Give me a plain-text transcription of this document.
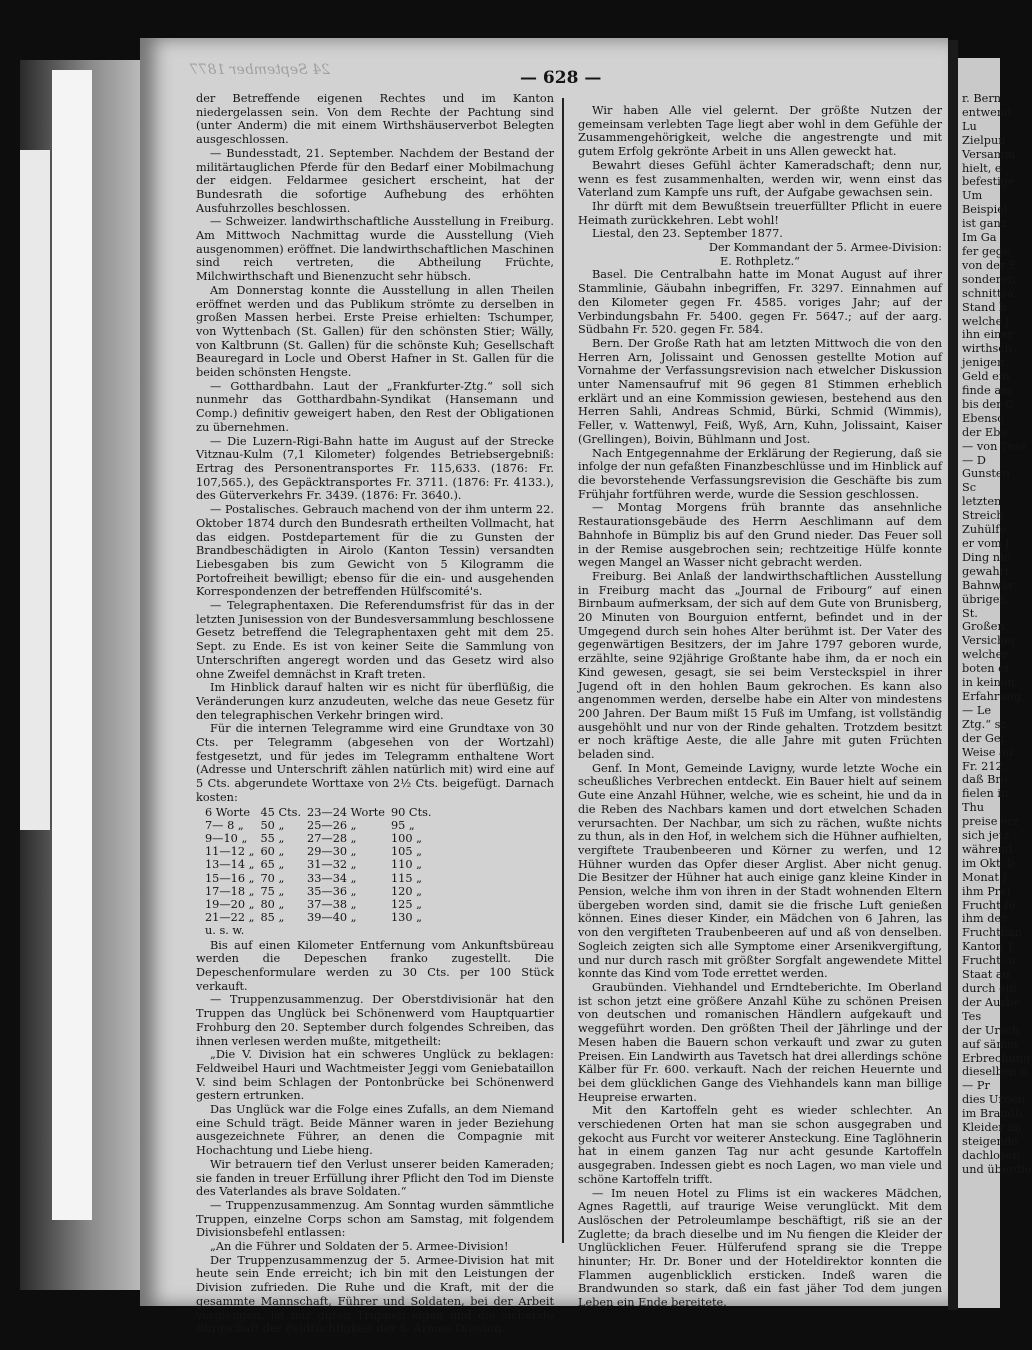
24 September 1877	— 628 —

der Betreffende eigenen Rechtes und im Kanton niedergelassen sein. Von dem Rechte der Pachtung sind (unter Anderm) die mit einem Wirthshäuserverbot Belegten ausgeschlossen.

— Bundesstadt, 21. September. Nachdem der Bestand der militärtauglichen Pferde für den Bedarf einer Mobilmachung der eidgen. Feldarmee gesichert erscheint, hat der Bundesrath die sofortige Aufhebung des erhöhten Ausfuhrzolles beschlossen.

— Schweizer. landwirthschaftliche Ausstellung in Freiburg. Am Mittwoch Nachmittag wurde die Ausstellung (Vieh ausgenommen) eröffnet. Die landwirthschaftlichen Maschinen sind reich vertreten, die Abtheilung Früchte, Milchwirthschaft und Bienenzucht sehr hübsch.

Am Donnerstag konnte die Ausstellung in allen Theilen eröffnet werden und das Publikum strömte zu derselben in großen Massen herbei. Erste Preise erhielten: Tschumper, von Wyttenbach (St. Gallen) für den schönsten Stier; Wälly, von Kaltbrunn (St. Gallen) für die schönste Kuh; Gesellschaft Beauregard in Locle und Oberst Hafner in St. Gallen für die beiden schönsten Hengste.

— Gotthardbahn. Laut der „Frankfurter-Ztg.“ soll sich nunmehr das Gotthardbahn-Syndikat (Hansemann und Comp.) definitiv geweigert haben, den Rest der Obligationen zu übernehmen.

— Die Luzern-Rigi-Bahn hatte im August auf der Strecke Vitznau-Kulm (7,1 Kilometer) folgendes Betriebsergebniß: Ertrag des Personentransportes Fr. 115,633. (1876: Fr. 107,565.), des Gepäcktransportes Fr. 3711. (1876: Fr. 4133.), des Güterverkehrs Fr. 3439. (1876: Fr. 3640.).

— Postalisches. Gebrauch machend von der ihm unterm 22. Oktober 1874 durch den Bundesrath ertheilten Vollmacht, hat das eidgen. Postdepartement für die zu Gunsten der Brandbeschädigten in Airolo (Kanton Tessin) versandten Liebesgaben bis zum Gewicht von 5 Kilogramm die Portofreiheit bewilligt; ebenso für die ein- und ausgehenden Korrespondenzen der betreffenden Hülfscomité's.

— Telegraphentaxen. Die Referendumsfrist für das in der letzten Junisession von der Bundesversammlung beschlossene Gesetz betreffend die Telegraphentaxen geht mit dem 25. Sept. zu Ende. Es ist von keiner Seite die Sammlung von Unterschriften angeregt worden und das Gesetz wird also ohne Zweifel demnächst in Kraft treten.

Im Hinblick darauf halten wir es nicht für überflüßig, die Veränderungen kurz anzudeuten, welche das neue Gesetz für den telegraphischen Verkehr bringen wird.

Für die internen Telegramme wird eine Grundtaxe von 30 Cts. per Telegramm (abgesehen von der Wortzahl) festgesetzt, und für jedes im Telegramm enthaltene Wort (Adresse und Unterschrift zählen natürlich mit) wird eine auf 5 Cts. abgerundete Worttaxe von 2½ Cts. beigefügt. Darnach kosten:

6 Worte	45 Cts.	23—24 Worte	90 Cts.
7— 8 „	50 „	25—26 „	95 „
9—10 „	55 „	27—28 „	100 „
11—12 „	60 „	29—30 „	105 „
13—14 „	65 „	31—32 „	110 „
15—16 „	70 „	33—34 „	115 „
17—18 „	75 „	35—36 „	120 „
19—20 „	80 „	37—38 „	125 „
21—22 „	85 „	39—40 „	130 „
u. s. w.			

Bis auf einen Kilometer Entfernung vom Ankunftsbüreau werden die Depeschen franko zugestellt. Die Depeschenformulare werden zu 30 Cts. per 100 Stück verkauft.

— Truppenzusammenzug. Der Oberstdivisionär hat den Truppen das Unglück bei Schönenwerd vom Hauptquartier Frohburg den 20. September durch folgendes Schreiben, das ihnen verlesen werden mußte, mitgetheilt:

„Die V. Division hat ein schweres Unglück zu beklagen: Feldweibel Hauri und Wachtmeister Jeggi vom Geniebataillon V. sind beim Schlagen der Pontonbrücke bei Schönenwerd gestern ertrunken.

Das Unglück war die Folge eines Zufalls, an dem Niemand eine Schuld trägt. Beide Männer waren in jeder Beziehung ausgezeichnete Führer, an denen die Compagnie mit Hochachtung und Liebe hieng.

Wir betrauern tief den Verlust unserer beiden Kameraden; sie fanden in treuer Erfüllung ihrer Pflicht den Tod im Dienste des Vaterlandes als brave Soldaten.“

— Truppenzusammenzug. Am Sonntag wurden sämmtliche Truppen, einzelne Corps schon am Samstag, mit folgendem Divisionsbefehl entlassen:

„An die Führer und Soldaten der 5. Armee-Division!

Der Truppenzusammenzug der 5. Armee-Division hat mit heute sein Ende erreicht; ich bin mit den Leistungen der Division zufrieden. Die Ruhe und die Kraft, mit der die gesammte Mannschaft, Führer und Soldaten, bei der Arbeit vorgiengen, ist nur guten Truppen eigen und die sicherste Bürgschaft der Feldtüchtigkeit der 5. Armee-Division.

Wir haben Alle viel gelernt. Der größte Nutzen der gemeinsam verlebten Tage liegt aber wohl in dem Gefühle der Zusammengehörigkeit, welche die angestrengte und mit gutem Erfolg gekrönte Arbeit in uns Allen geweckt hat.

Bewahrt dieses Gefühl ächter Kameradschaft; denn nur, wenn es fest zusammenhalten, werden wir, wenn einst das Vaterland zum Kampfe uns ruft, der Aufgabe gewachsen sein.

Ihr dürft mit dem Bewußtsein treuerfüllter Pflicht in euere Heimath zurückkehren. Lebt wohl!

Liestal, den 23. September 1877.

Der Kommandant der 5. Armee-Division:

E. Rothpletz.“

Basel. Die Centralbahn hatte im Monat August auf ihrer Stammlinie, Gäubahn inbegriffen, Fr. 3297. Einnahmen auf den Kilometer gegen Fr. 4585. voriges Jahr; auf der Verbindungsbahn Fr. 5400. gegen Fr. 5647.; auf der aarg. Südbahn Fr. 520. gegen Fr. 584.

Bern. Der Große Rath hat am letzten Mittwoch die von den Herren Arn, Jolissaint und Genossen gestellte Motion auf Vornahme der Verfassungsrevision nach etwelcher Diskussion unter Namensaufruf mit 96 gegen 81 Stimmen erheblich erklärt und an eine Kommission gewiesen, bestehend aus den Herren Sahli, Andreas Schmid, Bürki, Schmid (Wimmis), Feller, v. Wattenwyl, Feiß, Wyß, Arn, Kuhn, Jolissaint, Kaiser (Grellingen), Boivin, Bühlmann und Jost.

Nach Entgegennahme der Erklärung der Regierung, daß sie infolge der nun gefaßten Finanzbeschlüsse und im Hinblick auf die bevorstehende Verfassungsrevision die Geschäfte bis zum Frühjahr fortführen werde, wurde die Session geschlossen.

— Montag Morgens früh brannte das ansehnliche Restaurationsgebäude des Herrn Aeschlimann auf dem Bahnhofe in Bümpliz bis auf den Grund nieder. Das Feuer soll in der Remise ausgebrochen sein; rechtzeitige Hülfe konnte wegen Mangel an Wasser nicht gebracht werden.

Freiburg. Bei Anlaß der landwirthschaftlichen Ausstellung in Freiburg macht das „Journal de Fribourg“ auf einen Birnbaum aufmerksam, der sich auf dem Gute von Brunisberg, 20 Minuten von Bourguion entfernt, befindet und in der Umgegend durch sein hohes Alter berühmt ist. Der Vater des gegenwärtigen Besitzers, der im Jahre 1797 geboren wurde, erzählte, seine 92jährige Großtante habe ihm, da er noch ein Kind gewesen, gesagt, sie sei beim Versteckspiel in ihrer Jugend oft in den hohlen Baum gekrochen. Es kann also angenommen werden, derselbe habe ein Alter von mindestens 200 Jahren. Der Baum mißt 15 Fuß im Umfang, ist vollständig ausgehöhlt und nur von der Rinde gehalten. Trotzdem besitzt er noch kräftige Aeste, die alle Jahre mit guten Früchten beladen sind.

Genf. In Mont, Gemeinde Lavigny, wurde letzte Woche ein scheußliches Verbrechen entdeckt. Ein Bauer hielt auf seinem Gute eine Anzahl Hühner, welche, wie es scheint, hie und da in die Reben des Nachbars kamen und dort etwelchen Schaden verursachten. Der Nachbar, um sich zu rächen, wußte nichts zu thun, als in den Hof, in welchem sich die Hühner aufhielten, vergiftete Traubenbeeren und Körner zu werfen, und 12 Hühner wurden das Opfer dieser Arglist. Aber nicht genug. Die Besitzer der Hühner hat auch einige ganz kleine Kinder in Pension, welche ihm von ihren in der Stadt wohnenden Eltern übergeben worden sind, damit sie die frische Luft genießen können. Eines dieser Kinder, ein Mädchen von 6 Jahren, las von den vergifteten Traubenbeeren auf und aß von denselben. Sogleich zeigten sich alle Symptome einer Arsenikvergiftung, und nur durch rasch mit größter Sorgfalt angewendete Mittel konnte das Kind vom Tode errettet werden.

Graubünden. Viehhandel und Erndteberichte. Im Oberland ist schon jetzt eine größere Anzahl Kühe zu schönen Preisen von deutschen und romanischen Händlern aufgekauft und weggeführt worden. Den größten Theil der Jährlinge und der Mesen haben die Bauern schon verkauft und zwar zu guten Preisen. Ein Landwirth aus Tavetsch hat drei allerdings schöne Kälber für Fr. 600. verkauft. Nach der reichen Heuernte und bei dem glücklichen Gange des Viehhandels kann man billige Heupreise erwarten.

Mit den Kartoffeln geht es wieder schlechter. An verschiedenen Orten hat man sie schon ausgegraben und gekocht aus Furcht vor weiterer Ansteckung. Eine Taglöhnerin hat in einem ganzen Tag nur acht gesunde Kartoffeln ausgegraben. Indessen giebt es noch Lagen, wo man viele und schöne Kartoffeln trifft.

— Im neuen Hotel zu Flims ist ein wackeres Mädchen, Agnes Ragettli, auf traurige Weise verunglückt. Mit dem Auslöschen der Petroleumlampe beschäftigt, riß sie an der Zuglette; da brach dieselbe und im Nu fiengen die Kleider der Unglücklichen Feuer. Hülferufend sprang sie die Treppe hinunter; Hr. Dr. Boner und der Hoteldirektor konnten die Flammen augenblicklich ersticken. Indeß waren die Brandwunden so stark, daß ein fast jäher Tod dem jungen Leben ein Ende bereitete.

r. Bern,
entwend
Lu
Zielpun
Versamm
hielt, e
befestige
Um
Beispiel
ist ganz
Im Ga
fer gege
von der E
sonderen
schnittsa
Stand b
welche j
ihn einer
wirthsch
jenigen
Geld ein
finde am
bis der C
Ebenso
der Ebe
— von Tess
— D
Gunsten
Sc
letzten
Streich
Zuhülfe
er vom J
Ding nic
gewahrt
Bahnwär
übrigen
St.
Großen
Versicher
welcher
boten er
in keinen
Erfahrung
— Le
Ztg.“ sc
der Gei
Weise au
Fr. 212.
daß Bro
fielen in
Thu
preise erz
sich jetz
während
im Oktob
Monat J
ihm Prei
Frucht fe
ihm der
Fruchthan
Kanton T
Frucht- u
Staat au
durch ein
der Ausbe
Tes
der Ursch
auf sämm
Erbrechung
dieselben u
— Pr
dies Urnen
im Brandb
Kleider un
steigende
dachlosen
und überdie
